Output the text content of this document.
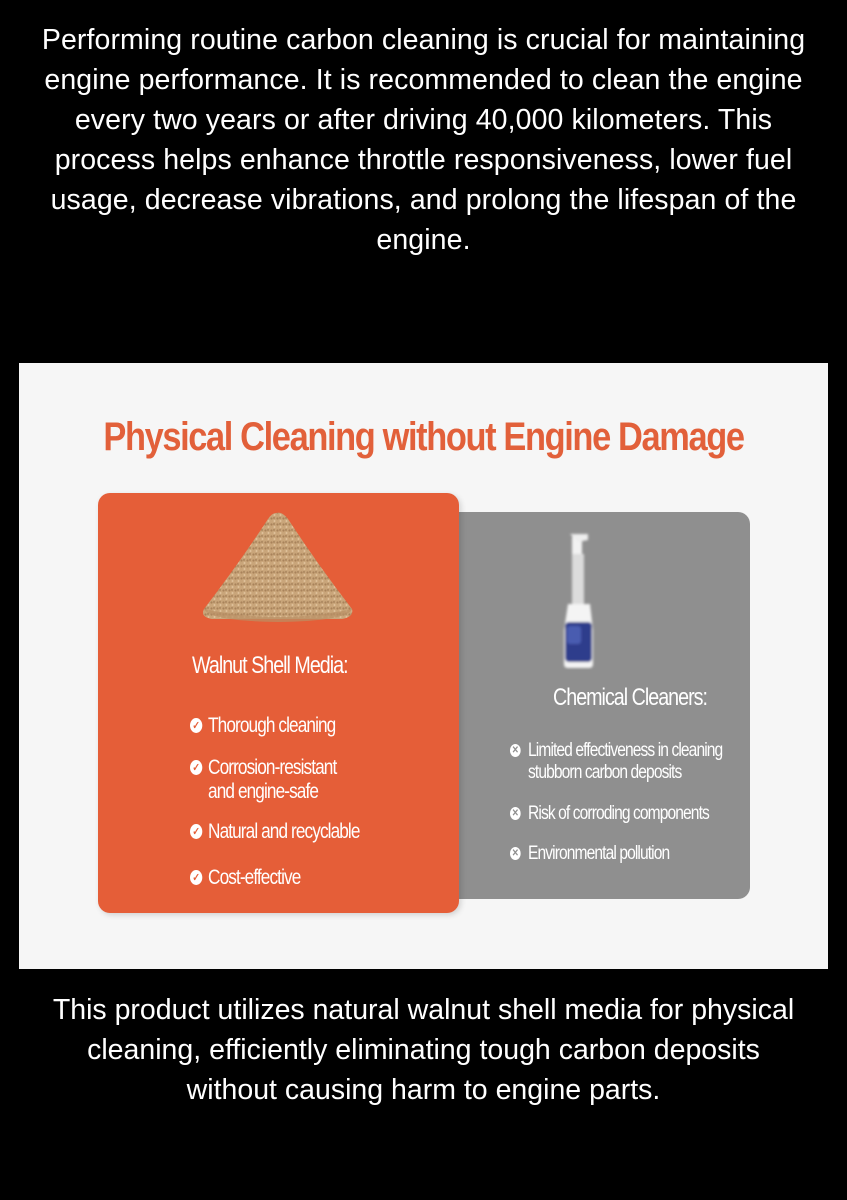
Performing routine carbon cleaning is crucial for maintaining engine performance. It is recommended to clean the engine every two years or after driving 40,000 kilometers. This process helps enhance throttle responsiveness, lower fuel usage, decrease vibrations, and prolong the lifespan of the engine.
Physical Cleaning without Engine Damage
Chemical Cleaners:
✕ Limited effectiveness in cleaning
stubborn carbon deposits
✕ Risk of corroding components
✕ Environmental pollution
Walnut Shell Media:
✓ Thorough cleaning
✓ Corrosion-resistant
and engine-safe
✓ Natural and recyclable
✓ Cost-effective
This product utilizes natural walnut shell media for physical cleaning, efficiently eliminating tough carbon deposits without causing harm to engine parts.
